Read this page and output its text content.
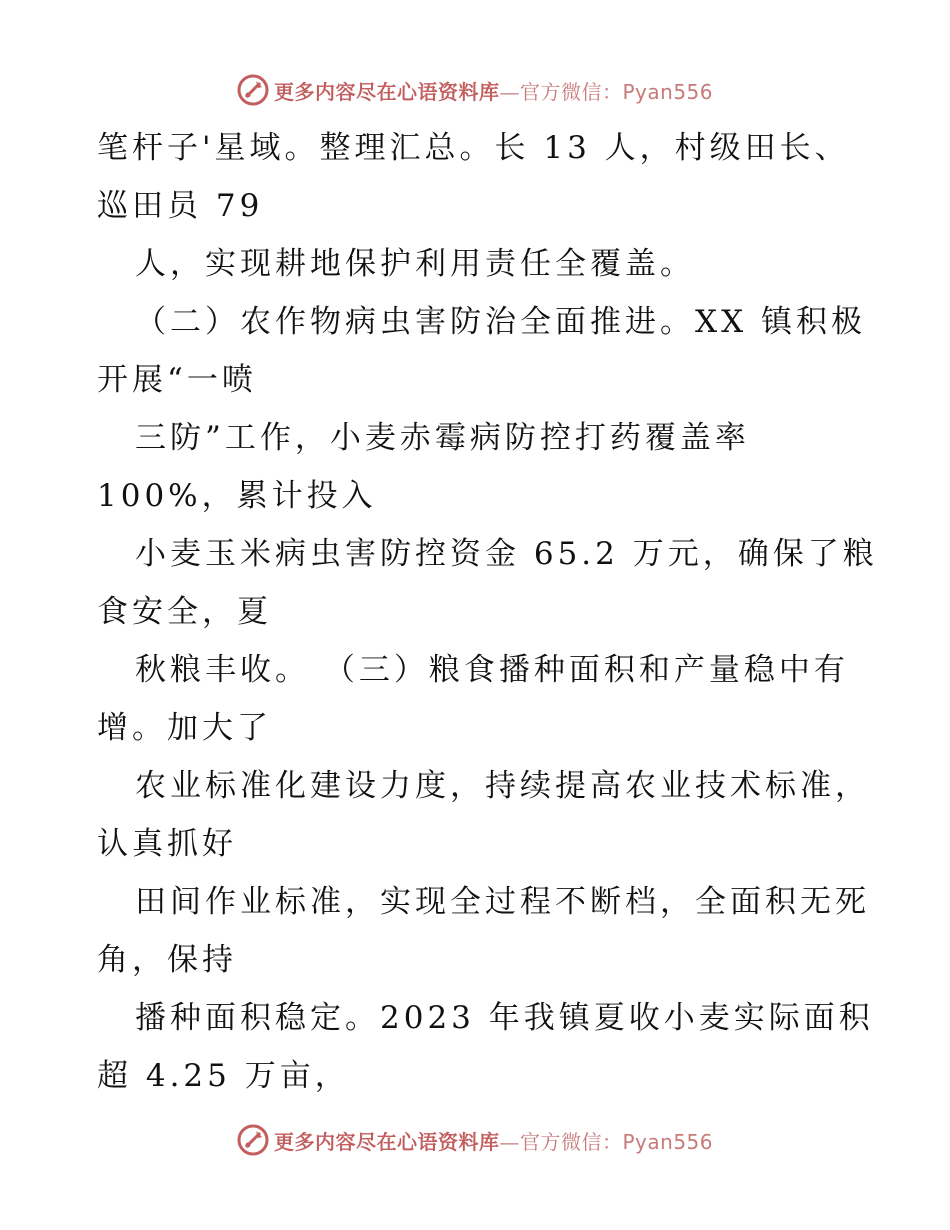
更多内容尽在心语资料库—官方微信：Pyan556
笔杆子'星域。整理汇总。长 13 人，村级田长、
巡田员 79
人，实现耕地保护利用责任全覆盖。
（二）农作物病虫害防治全面推进。XX 镇积极
开展“一喷
三防”工作，小麦赤霉病防控打药覆盖率
100%，累计投入
小麦玉米病虫害防控资金 65.2 万元，确保了粮
食安全，夏
秋粮丰收。 （三）粮食播种面积和产量稳中有
增。加大了
农业标准化建设力度，持续提高农业技术标准，
认真抓好
田间作业标准，实现全过程不断档，全面积无死
角，保持
播种面积稳定。2023 年我镇夏收小麦实际面积
超 4.25 万亩，
更多内容尽在心语资料库—官方微信：Pyan556
